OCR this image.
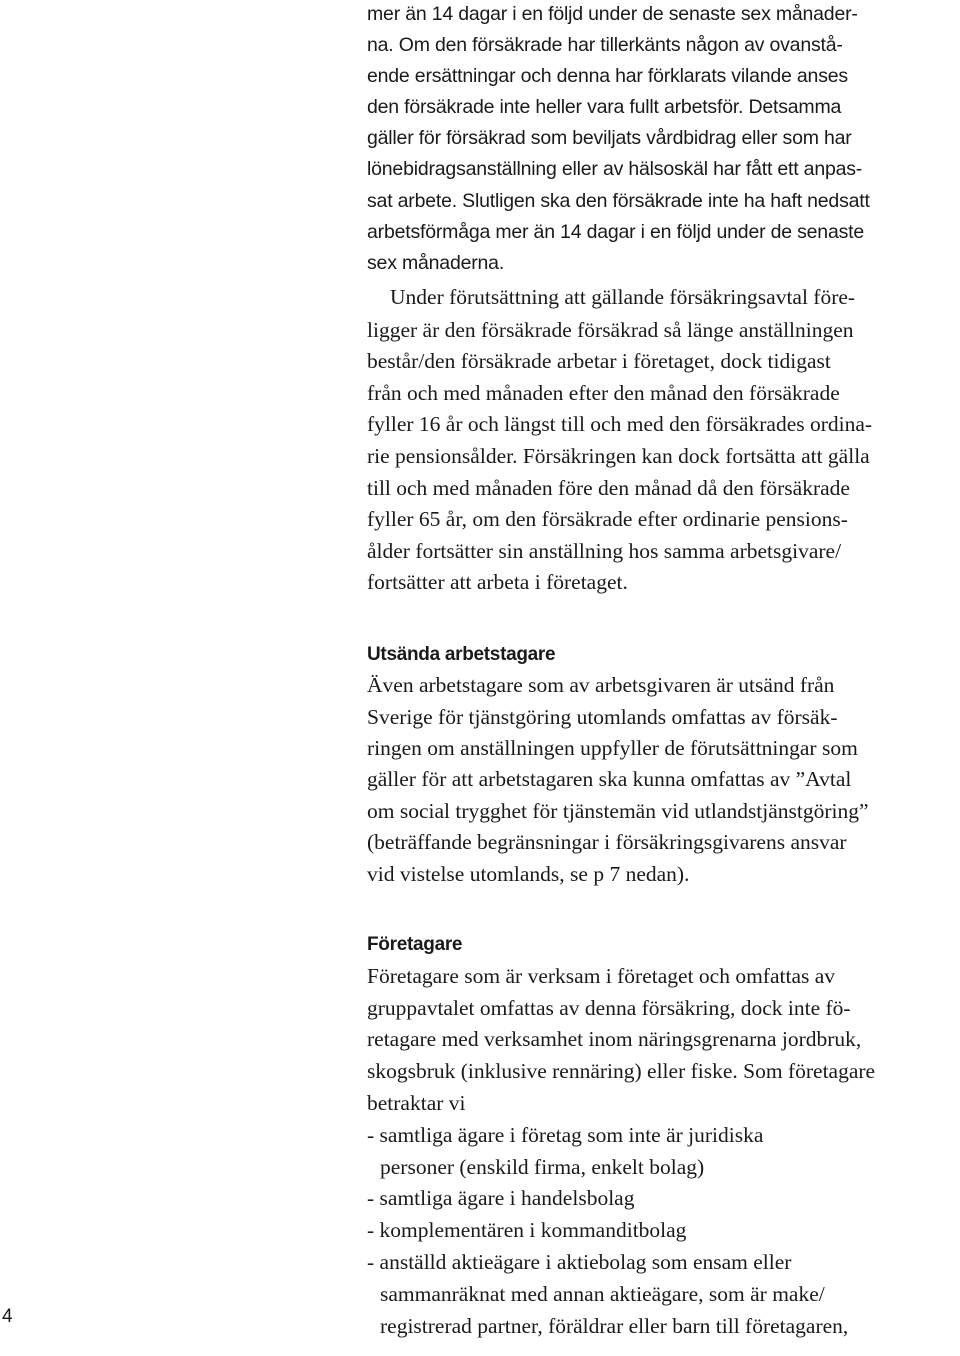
mer än 14 dagar i en följd under de senaste sex månader-
na. Om den försäkrade har tillerkänts någon av ovanstå-
ende ersättningar och denna har förklarats vilande anses
den försäkrade inte heller vara fullt arbetsför. Detsamma
gäller för försäkrad som beviljats vårdbidrag eller som har
lönebidragsanställning eller av hälsoskäl har fått ett anpas-
sat arbete. Slutligen ska den försäkrade inte ha haft nedsatt
arbetsförmåga mer än 14 dagar i en följd under de senaste
sex månaderna.
Under förutsättning att gällande försäkringsavtal före-
ligger är den försäkrade försäkrad så länge anställningen
består/den försäkrade arbetar i företaget, dock tidigast
från och med månaden efter den månad den försäkrade
fyller 16 år och längst till och med den försäkrades ordina-
rie pensionsålder. Försäkringen kan dock fortsätta att gälla
till och med månaden före den månad då den försäkrade
fyller 65 år, om den försäkrade efter ordinarie pensions-
ålder fortsätter sin anställning hos samma arbetsgivare/
fortsätter att arbeta i företaget.
Utsända arbetstagare
Även arbetstagare som av arbetsgivaren är utsänd från
Sverige för tjänstgöring utomlands omfattas av försäk-
ringen om anställningen uppfyller de förutsättningar som
gäller för att arbetstagaren ska kunna omfattas av ”Avtal
om social trygghet för tjänstemän vid utlandstjänstgöring”
(beträffande begränsningar i försäkringsgivarens ansvar
vid vistelse utomlands, se p 7 nedan).
Företagare
Företagare som är verksam i företaget och omfattas av
gruppavtalet omfattas av denna försäkring, dock inte fö-
retagare med verksamhet inom näringsgrenarna jordbruk,
skogsbruk (inklusive rennäring) eller fiske. Som företagare
betraktar vi
- samtliga ägare i företag som inte är juridiska
personer (enskild firma, enkelt bolag)
- samtliga ägare i handelsbolag
- komplementären i kommanditbolag
- anställd aktieägare i aktiebolag som ensam eller
sammanräknat med annan aktieägare, som är make/
registrerad partner, föräldrar eller barn till företagaren,
4
